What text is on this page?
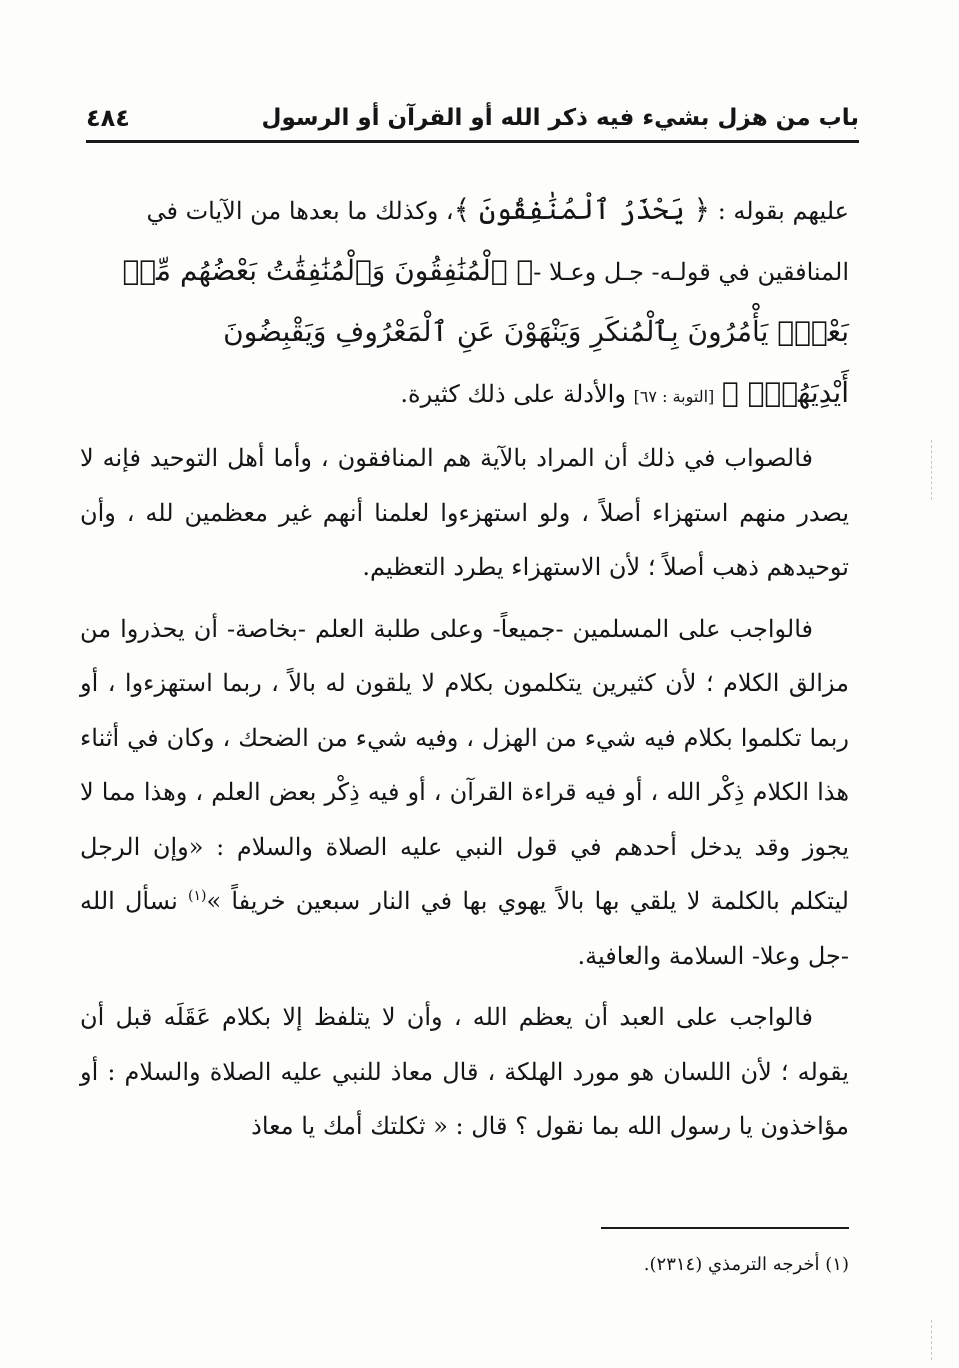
باب من هزل بشيء فيه ذكر الله أو القرآن أو الرسول
٤٨٤
عليهم بقوله : ﴿ يَحْذَرُ ٱلْمُنَٰفِقُونَ ﴾، وكذلك ما بعدها من الآيات في
المنافقين في قولـه- جـل وعـلا -﴿ ٱلْمُنَٰفِقُونَ وَٱلْمُنَٰفِقَٰتُ بَعْضُهُم مِّنۢ
بَعْضٍۚ يَأْمُرُونَ بِٱلْمُنكَرِ وَيَنْهَوْنَ عَنِ ٱلْمَعْرُوفِ وَيَقْبِضُونَ
أَيْدِيَهُمْۚ ﴾ [التوبة : ٦٧] والأدلة على ذلك كثيرة.

فالصواب في ذلك أن المراد بالآية هم المنافقون ، وأما أهل التوحيد فإنه لا يصدر منهم استهزاء أصلاً ، ولو استهزءوا لعلمنا أنهم غير معظمين لله ، وأن توحيدهم ذهب أصلاً ؛ لأن الاستهزاء يطرد التعظيم.

فالواجب على المسلمين -جميعاً- وعلى طلبة العلم -بخاصة- أن يحذروا من مزالق الكلام ؛ لأن كثيرين يتكلمون بكلام لا يلقون له بالاً ، ربما استهزءوا ، أو ربما تكلموا بكلام فيه شيء من الهزل ، وفيه شيء من الضحك ، وكان في أثناء هذا الكلام ذِكْر الله ، أو فيه قراءة القرآن ، أو فيه ذِكْر بعض العلم ، وهذا مما لا يجوز وقد يدخل أحدهم في قول النبي عليه الصلاة والسلام : «وإن الرجل ليتكلم بالكلمة لا يلقي بها بالاً يهوي بها في النار سبعين خريفاً »$^{(١)}$ نسأل الله -جل وعلا- السلامة والعافية.

فالواجب على العبد أن يعظم الله ، وأن لا يتلفظ إلا بكلام عَقَلَه قبل أن يقوله ؛ لأن اللسان هو مورد الهلكة ، قال معاذ للنبي عليه الصلاة والسلام : أو مؤاخذون يا رسول الله بما نقول ؟ قال : « ثكلتك أمك يا معاذ

(١) أخرجه الترمذي (٢٣١٤).
